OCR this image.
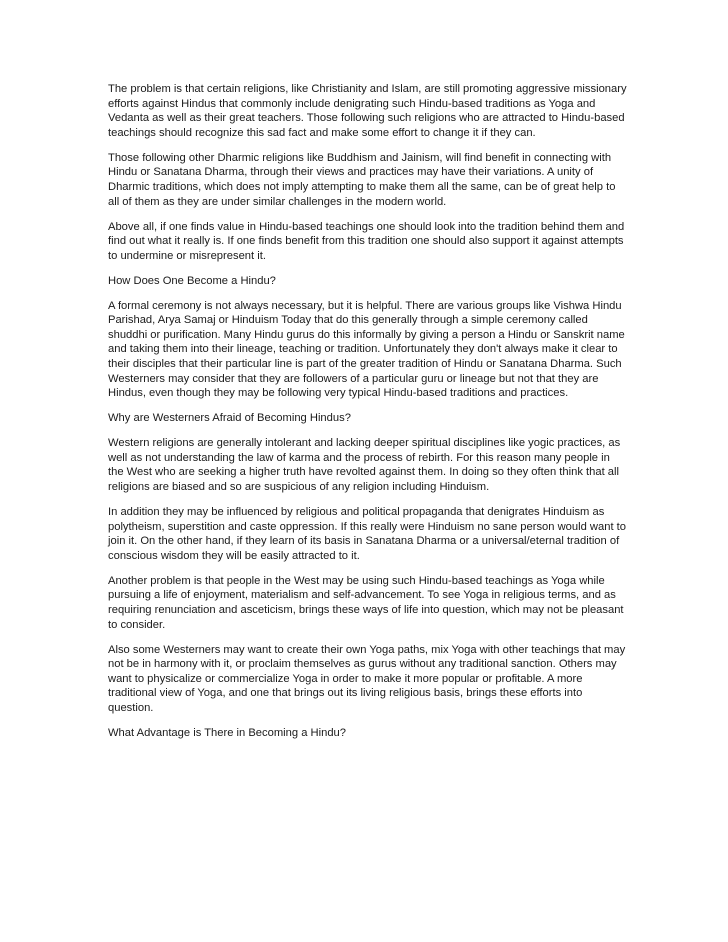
The problem is that certain religions, like Christianity and Islam, are still promoting aggressive missionary efforts against Hindus that commonly include denigrating such Hindu-based traditions as Yoga and Vedanta as well as their great teachers. Those following such religions who are attracted to Hindu-based teachings should recognize this sad fact and make some effort to change it if they can.

Those following other Dharmic religions like Buddhism and Jainism, will find benefit in connecting with Hindu or Sanatana Dharma, through their views and practices may have their variations. A unity of Dharmic traditions, which does not imply attempting to make them all the same, can be of great help to all of them as they are under similar challenges in the modern world.

Above all, if one finds value in Hindu-based teachings one should look into the tradition behind them and find out what it really is. If one finds benefit from this tradition one should also support it against attempts to undermine or misrepresent it.

How Does One Become a Hindu?

A formal ceremony is not always necessary, but it is helpful. There are various groups like Vishwa Hindu Parishad, Arya Samaj or Hinduism Today that do this generally through a simple ceremony called shuddhi or purification. Many Hindu gurus do this informally by giving a person a Hindu or Sanskrit name and taking them into their lineage, teaching or tradition. Unfortunately they don't always make it clear to their disciples that their particular line is part of the greater tradition of Hindu or Sanatana Dharma. Such Westerners may consider that they are followers of a particular guru or lineage but not that they are Hindus, even though they may be following very typical Hindu-based traditions and practices.

Why are Westerners Afraid of Becoming Hindus?

Western religions are generally intolerant and lacking deeper spiritual disciplines like yogic practices, as well as not understanding the law of karma and the process of rebirth. For this reason many people in the West who are seeking a higher truth have revolted against them. In doing so they often think that all religions are biased and so are suspicious of any religion including Hinduism.

In addition they may be influenced by religious and political propaganda that denigrates Hinduism as polytheism, superstition and caste oppression. If this really were Hinduism no sane person would want to join it. On the other hand, if they learn of its basis in Sanatana Dharma or a universal/eternal tradition of conscious wisdom they will be easily attracted to it.

Another problem is that people in the West may be using such Hindu-based teachings as Yoga while pursuing a life of enjoyment, materialism and self-advancement. To see Yoga in religious terms, and as requiring renunciation and asceticism, brings these ways of life into question, which may not be pleasant to consider.

Also some Westerners may want to create their own Yoga paths, mix Yoga with other teachings that may not be in harmony with it, or proclaim themselves as gurus without any traditional sanction. Others may want to physicalize or commercialize Yoga in order to make it more popular or profitable. A more traditional view of Yoga, and one that brings out its living religious basis, brings these efforts into question.

What Advantage is There in Becoming a Hindu?
